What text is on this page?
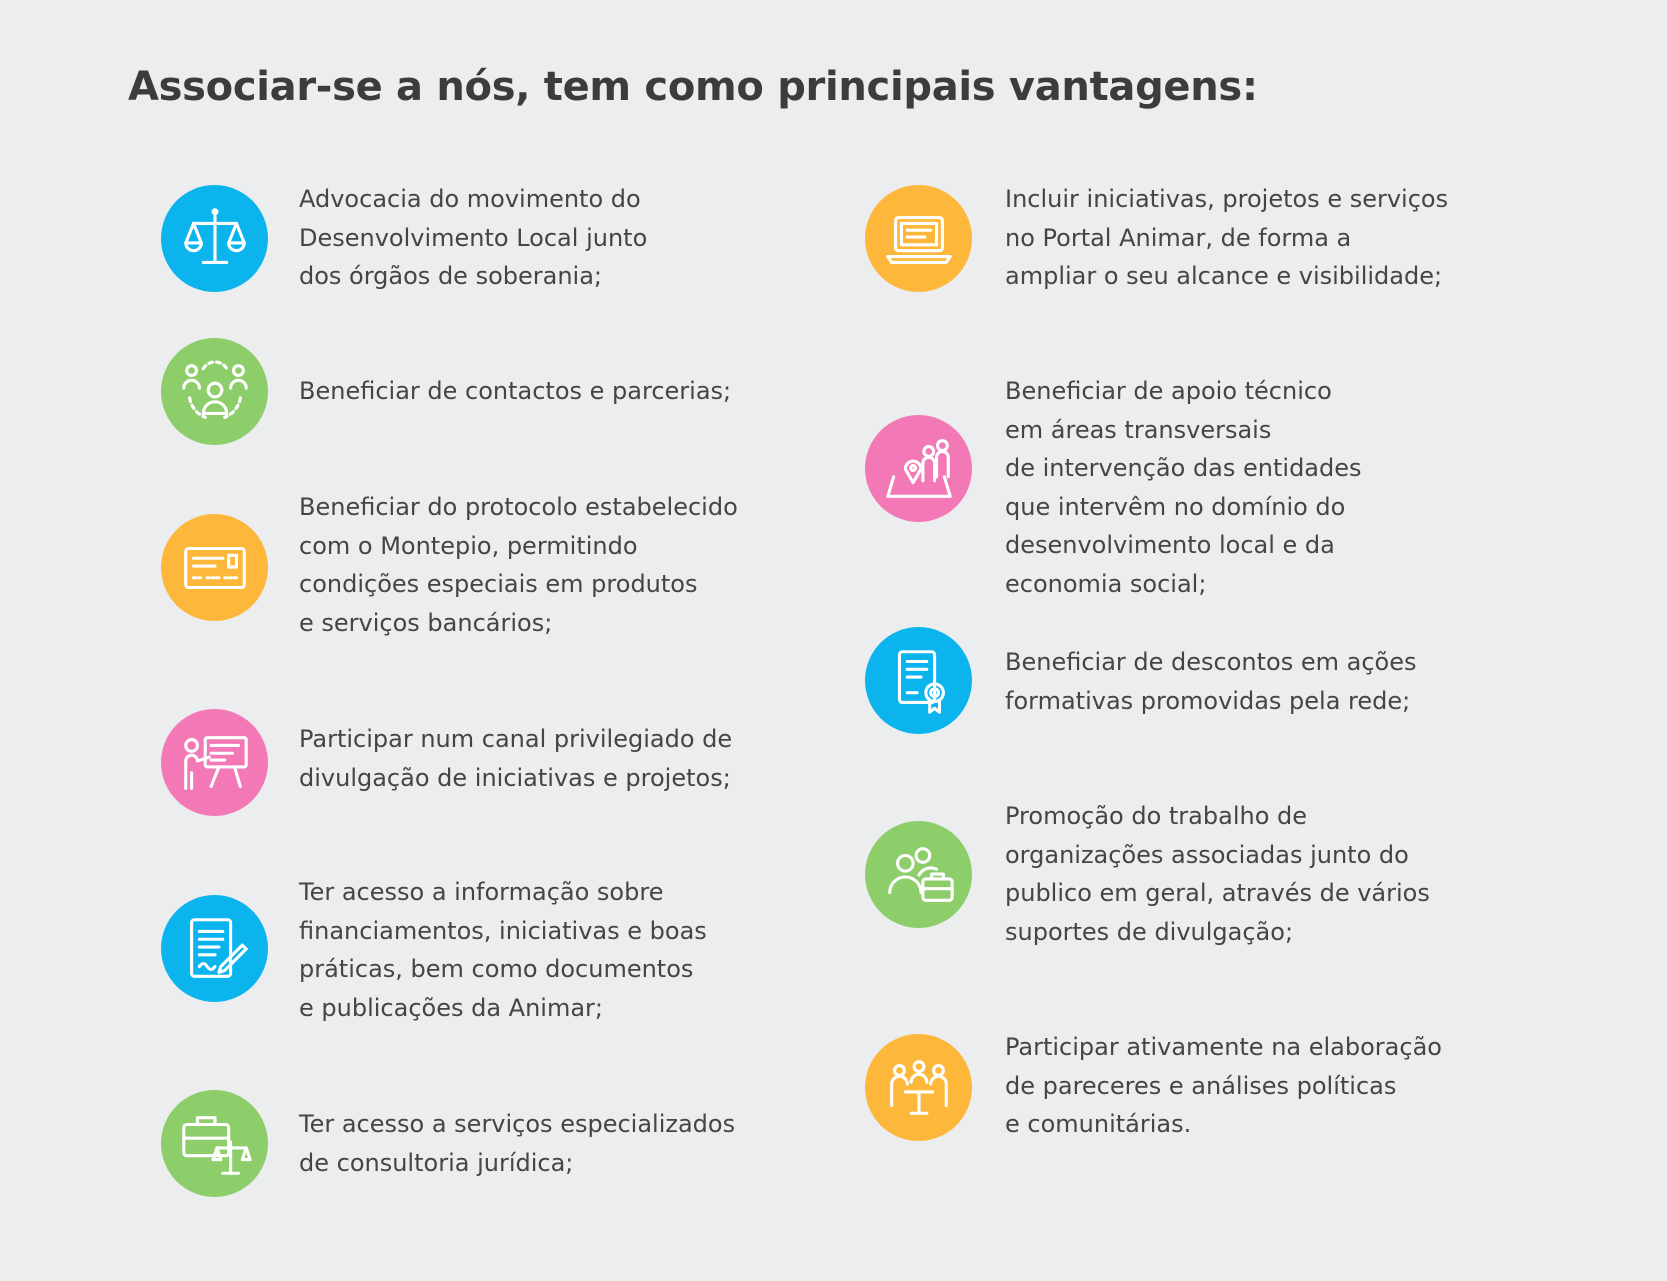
Associar-se a nós, tem como principais vantagens:

Advocacia do movimento do
Desenvolvimento Local junto
dos órgãos de soberania;

Beneficiar de contactos e parcerias;

Beneficiar do protocolo estabelecido
com o Montepio, permitindo
condições especiais em produtos
e serviços bancários;

Participar num canal privilegiado de
divulgação de iniciativas e projetos;

Ter acesso a informação sobre
financiamentos, iniciativas e boas
práticas, bem como documentos
e publicações da Animar;

Ter acesso a serviços especializados
de consultoria jurídica;

Incluir iniciativas, projetos e serviços
no Portal Animar, de forma a
ampliar o seu alcance e visibilidade;

Beneficiar de apoio técnico
em áreas transversais
de intervenção das entidades
que intervêm no domínio do
desenvolvimento local e da
economia social;

Beneficiar de descontos em ações
formativas promovidas pela rede;

Promoção do trabalho de
organizações associadas junto do
publico em geral, através de vários
suportes de divulgação;

Participar ativamente na elaboração
de pareceres e análises políticas
e comunitárias.
